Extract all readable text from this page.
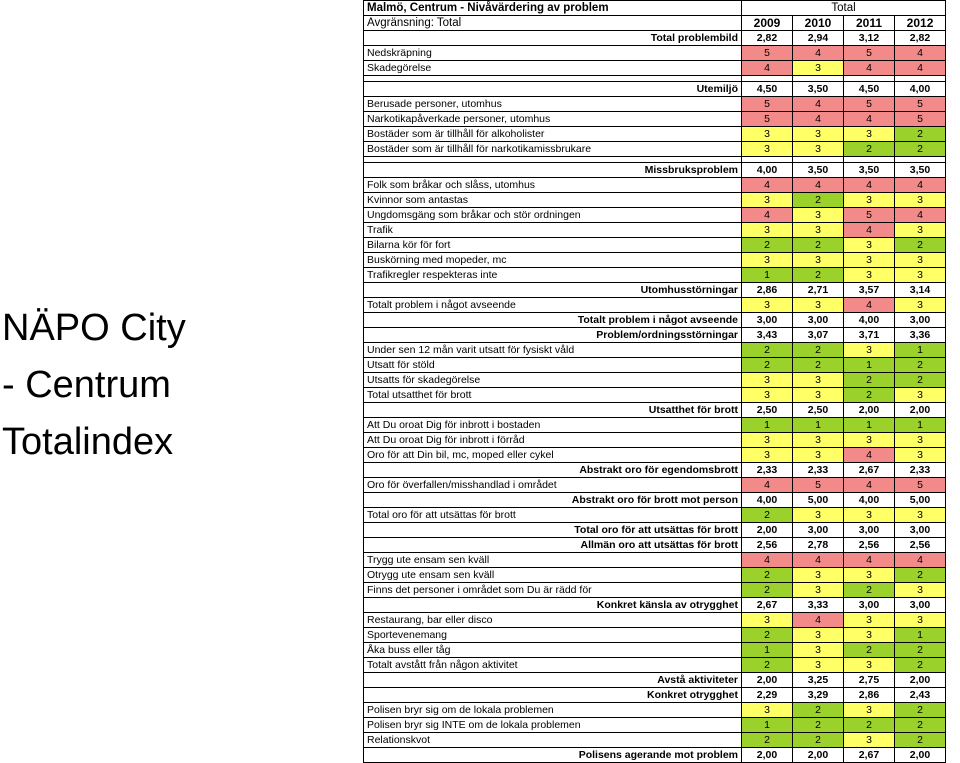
NÄPO City
- Centrum
Totalindex
Malmö, Centrum - Nivåvärdering av problem	Total			
Avgränsning: Total	2009	2010	2011	2012
Total problembild	2,82	2,94	3,12	2,82
Nedskräpning	5	4	5	4
Skadegörelse	4	3	4	4

Utemiljö	4,50	3,50	4,50	4,00
Berusade personer, utomhus	5	4	5	5
Narkotikapåverkade personer, utomhus	5	4	4	5
Bostäder som är tillhåll för alkoholister	3	3	3	2
Bostäder som är tillhåll för narkotikamissbrukare	3	3	2	2

Missbruksproblem	4,00	3,50	3,50	3,50
Folk som bråkar och slåss, utomhus	4	4	4	4
Kvinnor som antastas	3	2	3	3
Ungdomsgäng som bråkar och stör ordningen	4	3	5	4
Trafik	3	3	4	3
Bilarna kör för fort	2	2	3	2
Buskörning med mopeder, mc	3	3	3	3
Trafikregler respekteras inte	1	2	3	3
Utomhusstörningar	2,86	2,71	3,57	3,14
Totalt problem i något avseende	3	3	4	3
Totalt problem i något avseende	3,00	3,00	4,00	3,00
Problem/ordningsstörningar	3,43	3,07	3,71	3,36
Under sen 12 mån varit utsatt för fysiskt våld	2	2	3	1
Utsatt för stöld	2	2	1	2
Utsatts för skadegörelse	3	3	2	2
Total utsatthet för brott	3	3	2	3
Utsatthet för brott	2,50	2,50	2,00	2,00
Att Du oroat Dig för inbrott i bostaden	1	1	1	1
Att Du oroat Dig för inbrott i förråd	3	3	3	3
Oro för att Din bil, mc, moped eller cykel	3	3	4	3
Abstrakt oro för egendomsbrott	2,33	2,33	2,67	2,33
Oro för överfallen/misshandlad i området	4	5	4	5
Abstrakt oro för brott mot person	4,00	5,00	4,00	5,00
Total oro för att utsättas för brott	2	3	3	3
Total oro för att utsättas för brott	2,00	3,00	3,00	3,00
Allmän oro att utsättas för brott	2,56	2,78	2,56	2,56
Trygg ute ensam sen kväll	4	4	4	4
Otrygg ute ensam sen kväll	2	3	3	2
Finns det personer i området som Du är rädd för	2	3	2	3
Konkret känsla av otrygghet	2,67	3,33	3,00	3,00
Restaurang, bar eller disco	3	4	3	3
Sportevenemang	2	3	3	1
Åka buss eller tåg	1	3	2	2
Totalt avstått från någon aktivitet	2	3	3	2
Avstå aktiviteter	2,00	3,25	2,75	2,00
Konkret otrygghet	2,29	3,29	2,86	2,43
Polisen bryr sig om de lokala problemen	3	2	3	2
Polisen bryr sig INTE om de lokala problemen	1	2	2	2
Relationskvot	2	2	3	2
Polisens agerande mot problem	2,00	2,00	2,67	2,00
